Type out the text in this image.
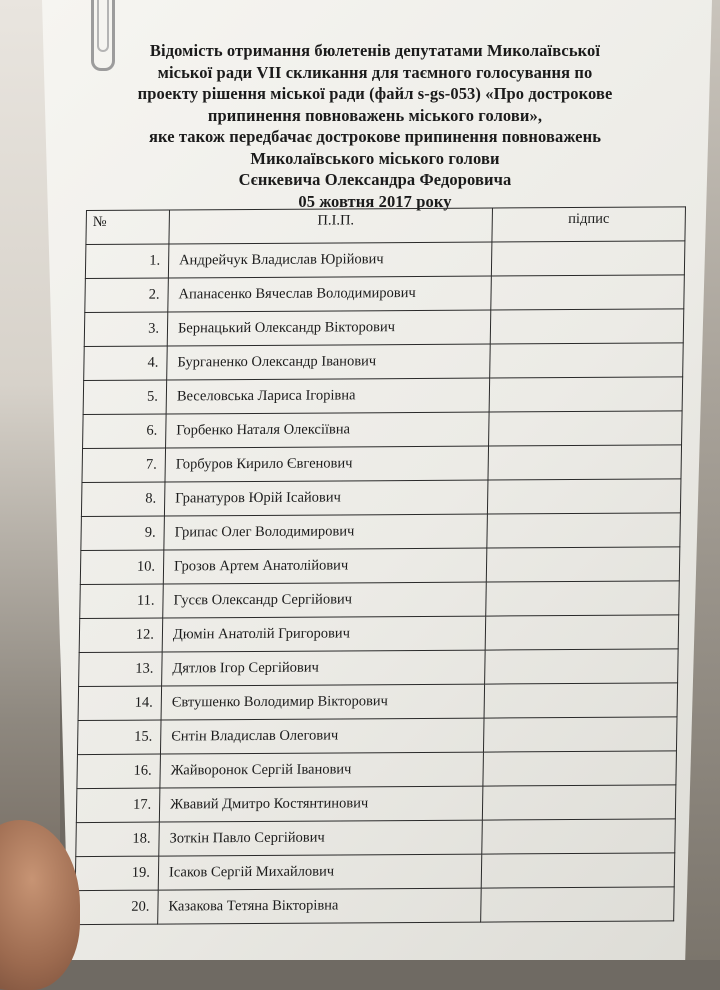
Відомість отримання бюлетенів депутатами Миколаївської
міської ради VII скликання для таємного голосування по
проекту рішення міської ради (файл s-gs-053) «Про дострокове
припинення повноважень міського голови»,
яке також передбачає дострокове припинення повноважень
Миколаївського міського голови
Сєнкевича Олександра Федоровича
05 жовтня 2017 року
№	П.І.П.	підпис
1.	Андрейчук Владислав Юрійович	
2.	Апанасенко Вячеслав Володимирович	
3.	Бернацький Олександр Вікторович	
4.	Бурганенко Олександр Іванович	
5.	Веселовська Лариса Ігорівна	
6.	Горбенко Наталя Олексіївна	
7.	Горбуров Кирило Євгенович	
8.	Гранатуров Юрій Ісайович	
9.	Грипас Олег Володимирович	
10.	Грозов Артем Анатолійович	
11.	Гусєв Олександр Сергійович	
12.	Дюмін Анатолій Григорович	
13.	Дятлов Ігор Сергійович	
14.	Євтушенко Володимир Вікторович	
15.	Єнтін Владислав Олегович	
16.	Жайворонок Сергій Іванович	
17.	Жвавий Дмитро Костянтинович	
18.	Зоткін Павло Сергійович	
19.	Ісаков Сергій Михайлович	
20.	Казакова Тетяна Вікторівна	
